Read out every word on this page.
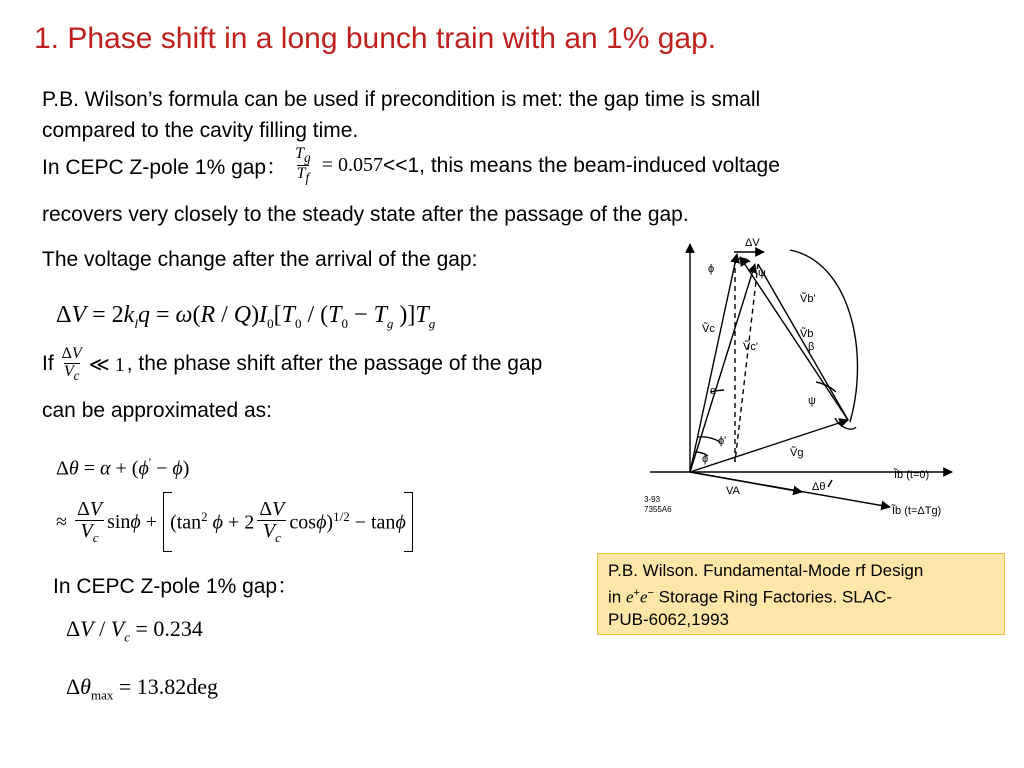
1. Phase shift in a long bunch train with an 1% gap.
P.B. Wilson’s formula can be used if precondition is met: the gap time is small
compared to the cavity filling time.
In CEPC Z-pole 1% gap： $\frac{T_g}{T_f} = 0.057 <<1$, this means the beam-induced voltage
recovers very closely to the steady state after the passage of the gap.
The voltage change after the arrival of the gap:
$\Delta V = 2k_lq = \omega(R / Q)I_0[T_0 / (T_0 - T_g$ )]$T_g$
If $\frac{\Delta V}{V_c}$ ≪ 1 , the phase shift after the passage of the gap
can be approximated as:
Δθ = α + (ϕ' − ϕ)
≈ $\frac{\Delta V}{V_c}$ $\sin\phi + (\tan^2$ $\phi + 2 \frac{\Delta V}{V_c} \cos\phi)^{1/2} - \tan\phi$
In CEPC Z-pole 1% gap：
$\Delta V / V_c = 0.234$
$\Delta\theta_{max} = 13.82deg$
ΔV
ϕ	ψ
Ṽb'
Ṽc	Ṽb
Ṽc'	β
α
ψ
ϕ'
ϕ	Ṽg
Ĩb (t=0)
VA	Δθ
Ĩb (t=ΔTg)
3-93
7355A6
P.B. Wilson. Fundamental-Mode rf Design
in e+e− Storage Ring Factories. SLAC-
PUB-6062,1993
